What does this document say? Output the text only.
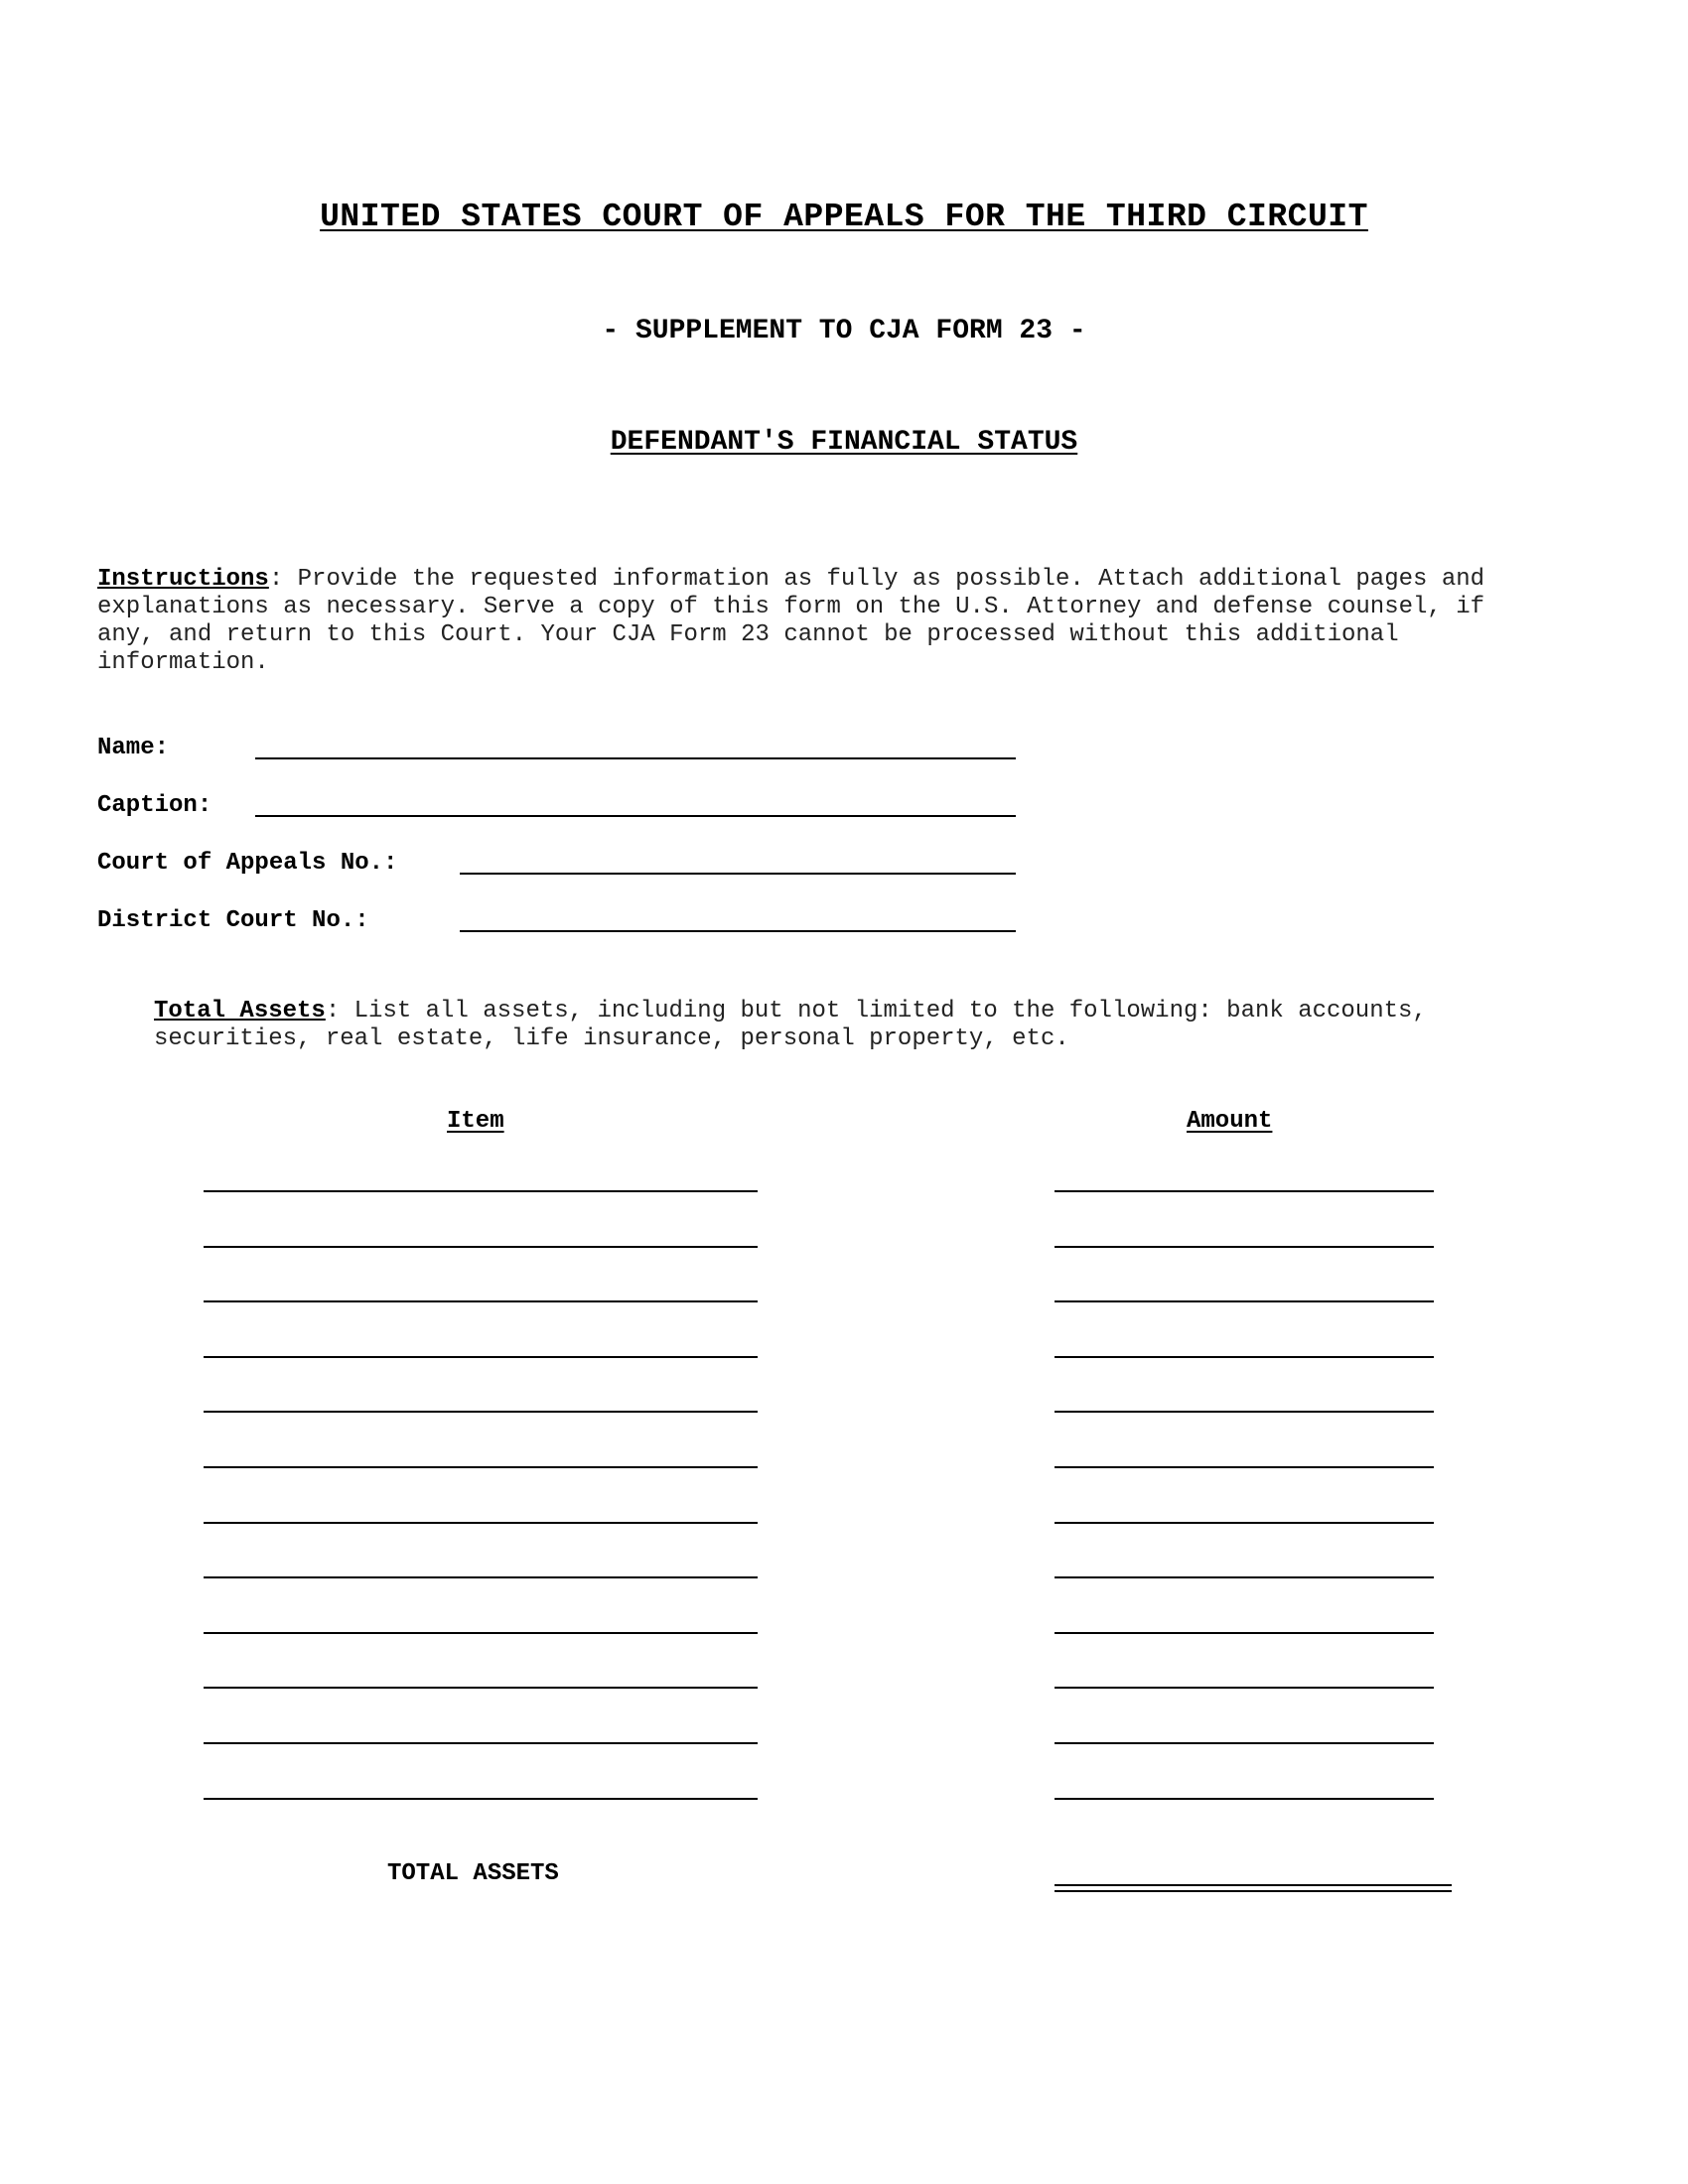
UNITED STATES COURT OF APPEALS FOR THE THIRD CIRCUIT
- SUPPLEMENT TO CJA FORM 23 -
DEFENDANT'S FINANCIAL STATUS
Instructions: Provide the requested information as fully as possible. Attach additional pages and explanations as necessary. Serve a copy of this form on the U.S. Attorney and defense counsel, if any, and return to this Court. Your CJA Form 23 cannot be processed without this additional information.
Name:
Caption:
Court of Appeals No.:
District Court No.:
Total Assets: List all assets, including but not limited to the following: bank accounts, securities, real estate, life insurance, personal property, etc.
Item	Amount
TOTAL ASSETS
